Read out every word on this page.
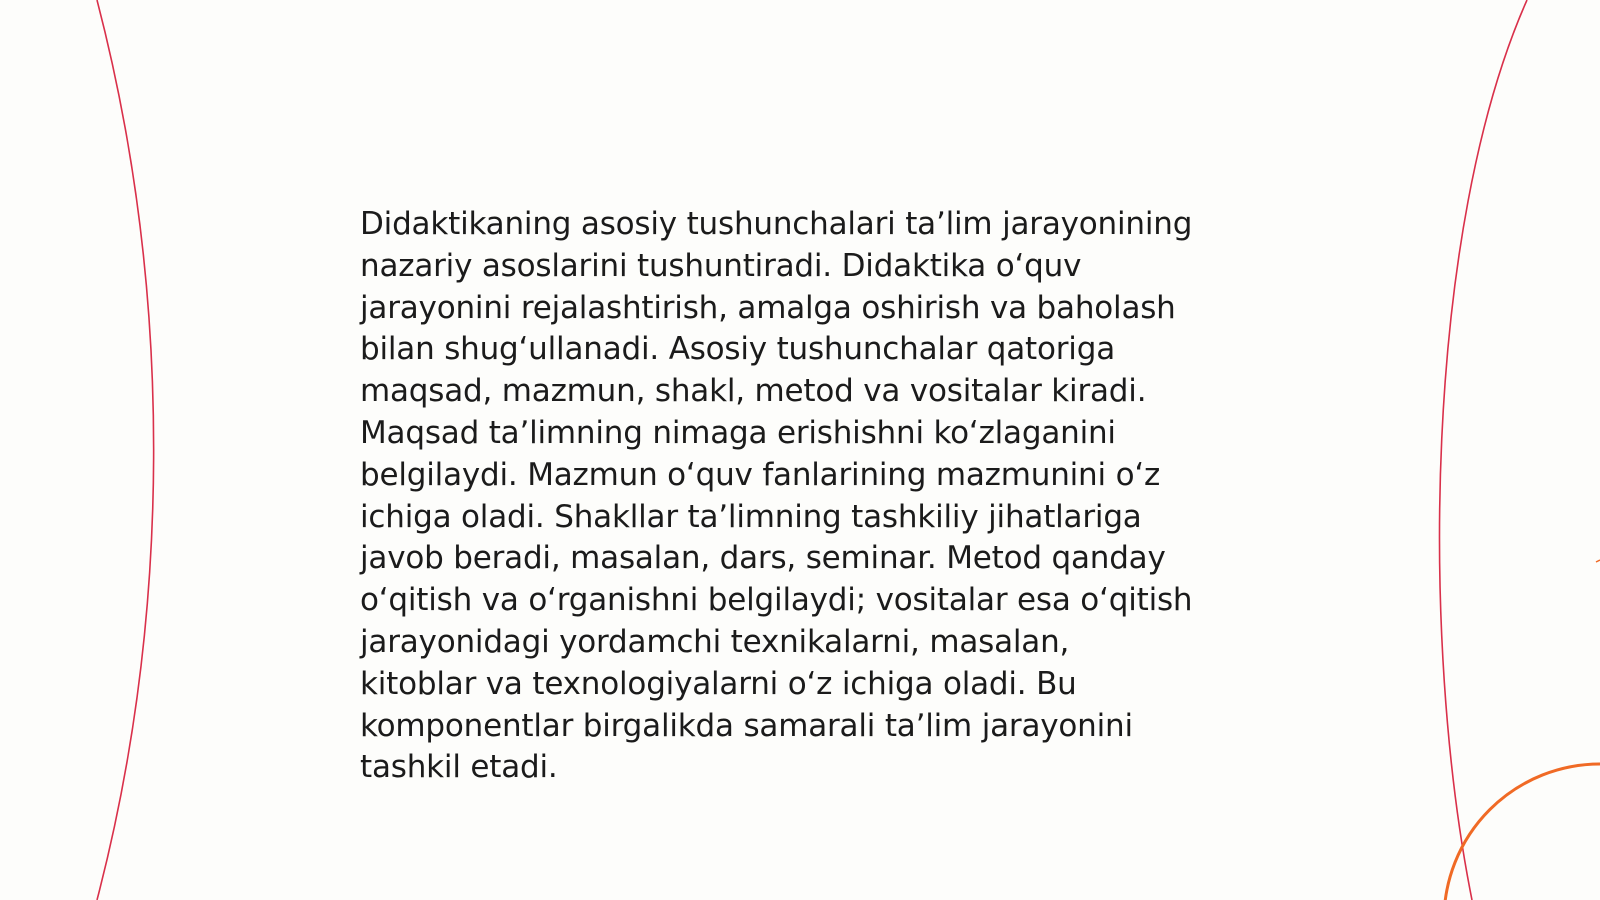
Didaktikaning asosiy tushunchalari ta’lim jarayonining
nazariy asoslarini tushuntiradi. Didaktika o‘quv
jarayonini rejalashtirish, amalga oshirish va baholash
bilan shug‘ullanadi. Asosiy tushunchalar qatoriga
maqsad, mazmun, shakl, metod va vositalar kiradi.
Maqsad ta’limning nimaga erishishni ko‘zlaganini
belgilaydi. Mazmun o‘quv fanlarining mazmunini o‘z
ichiga oladi. Shakllar ta’limning tashkiliy jihatlariga
javob beradi, masalan, dars, seminar. Metod qanday
o‘qitish va o‘rganishni belgilaydi; vositalar esa o‘qitish
jarayonidagi yordamchi texnikalarni, masalan,
kitoblar va texnologiyalarni o‘z ichiga oladi. Bu
komponentlar birgalikda samarali ta’lim jarayonini
tashkil etadi.
